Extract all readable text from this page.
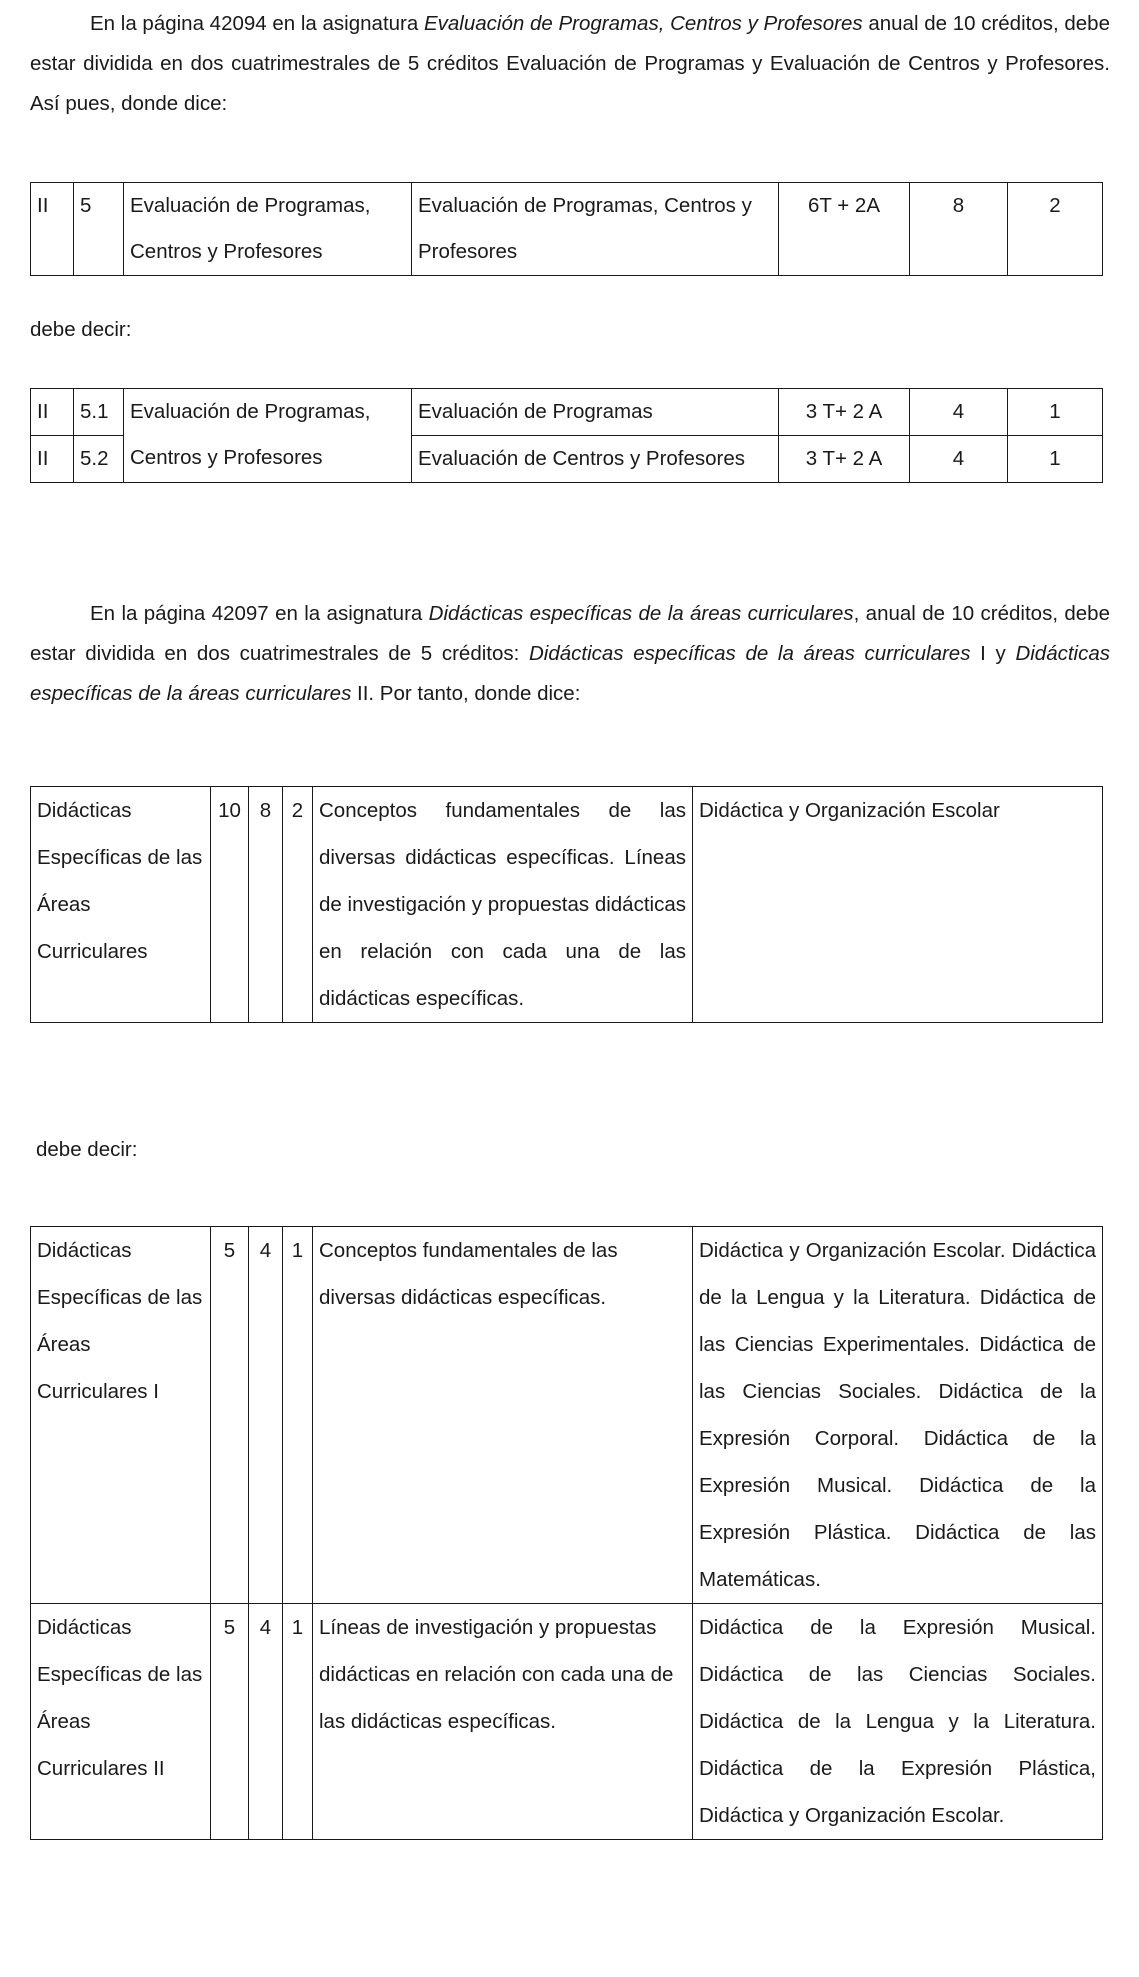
En la página 42094 en la asignatura Evaluación de Programas, Centros y Profesores anual de 10 créditos, debe estar dividida en dos cuatrimestrales de 5 créditos Evaluación de Programas y Evaluación de Centros y Profesores. Así pues, donde dice:
II	5	Evaluación de Programas, Centros y Profesores	Evaluación de Programas, Centros y Profesores	6T + 2A	8	2
debe decir:
II	5.1	Evaluación de Programas, Centros y Profesores	Evaluación de Programas	3 T+ 2 A	4	1
II	5.2		Evaluación de Centros y Profesores	3 T+ 2 A	4	1
En la página 42097 en la asignatura Didácticas específicas de la áreas curriculares, anual de 10 créditos, debe estar dividida en dos cuatrimestrales de 5 créditos: Didácticas específicas de la áreas curriculares I y Didácticas específicas de la áreas curriculares II. Por tanto, donde dice:
Didácticas Específicas de las Áreas Curriculares	10	8	2	Conceptos fundamentales de las diversas didácticas específicas. Líneas de investigación y propuestas didácticas en relación con cada una de las didácticas específicas.	Didáctica y Organización Escolar
debe decir:
Didácticas Específicas de las Áreas Curriculares I	5	4	1	Conceptos fundamentales de las diversas didácticas específicas.	Didáctica y Organización Escolar. Didáctica de la Lengua y la Literatura. Didáctica de las Ciencias Experimentales. Didáctica de las Ciencias Sociales. Didáctica de la Expresión Corporal. Didáctica de la Expresión Musical. Didáctica de la Expresión Plástica. Didáctica de las Matemáticas.
Didácticas Específicas de las Áreas Curriculares II	5	4	1	Líneas de investigación y propuestas didácticas en relación con cada una de las didácticas específicas.	Didáctica de la Expresión Musical. Didáctica de las Ciencias Sociales. Didáctica de la Lengua y la Literatura. Didáctica de la Expresión Plástica, Didáctica y Organización Escolar.
